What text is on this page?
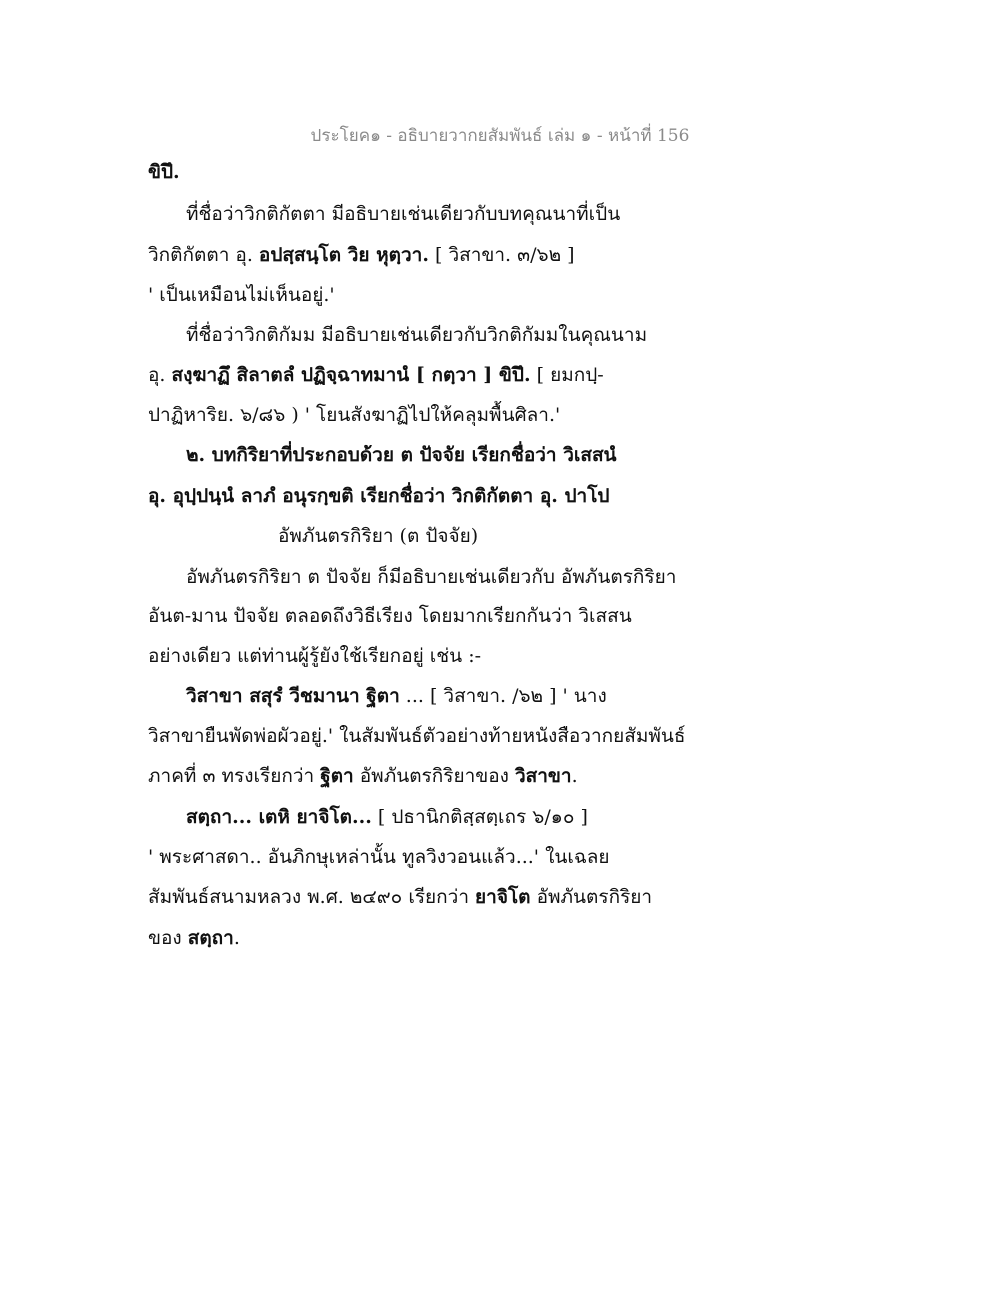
ประโยค๑ - อธิบายวากยสัมพันธ์ เล่ม ๑ - หน้าที่ 156
ขิปึ.
ที่ชื่อว่าวิกติกัตตา มีอธิบายเช่นเดียวกับบทคุณนาที่เป็น
วิกติกัตตา อุ. อปสฺสนฺโต วิย หุตฺวา. [ วิสาขา. ๓/๖๒ ]
' เป็นเหมือนไม่เห็นอยู่.'
ที่ชื่อว่าวิกติกัมม มีอธิบายเช่นเดียวกับวิกติกัมมในคุณนาม
อุ. สงฺฆาฏึ สิลาตลํ ปฏิจฺฉาทมานํ [ กตฺวา ] ขิปึ. [ ยมกปฺ-
ปาฏิหาริย. ๖/๘๖ ) ' โยนสังฆาฏิไปให้คลุมพื้นศิลา.'
๒. บทกิริยาที่ประกอบด้วย ต ปัจจัย เรียกชื่อว่า วิเสสนํ
อุ. อุปฺปนฺนํ ลาภํ อนุรกฺขติ เรียกชื่อว่า วิกติกัตตา อุ. ปาโป
อัพภันตรกิริยา (ต ปัจจัย)
อัพภันตรกิริยา ต ปัจจัย ก็มีอธิบายเช่นเดียวกับ อัพภันตรกิริยา
อันต-มาน ปัจจัย ตลอดถึงวิธีเรียง โดยมากเรียกกันว่า วิเสสน
อย่างเดียว แต่ท่านผู้รู้ยังใช้เรียกอยู่ เช่น :-
วิสาขา สสุรํ วีชมานา ฐิตา ... [ วิสาขา. /๖๒ ] ' นาง
วิสาขายืนพัดพ่อผัวอยู่.' ในสัมพันธ์ตัวอย่างท้ายหนังสือวากยสัมพันธ์
ภาคที่ ๓ ทรงเรียกว่า ฐิตา อัพภันตรกิริยาของ วิสาขา.
สตฺถา... เตหิ ยาจิโต... [ ปธานิกติสฺสตฺเถร ๖/๑๐ ]
' พระศาสดา.. อันภิกษุเหล่านั้น ทูลวิงวอนแล้ว...' ในเฉลย
สัมพันธ์สนามหลวง พ.ศ. ๒๔๙๐ เรียกว่า ยาจิโต อัพภันตรกิริยา
ของ สตฺถา.
